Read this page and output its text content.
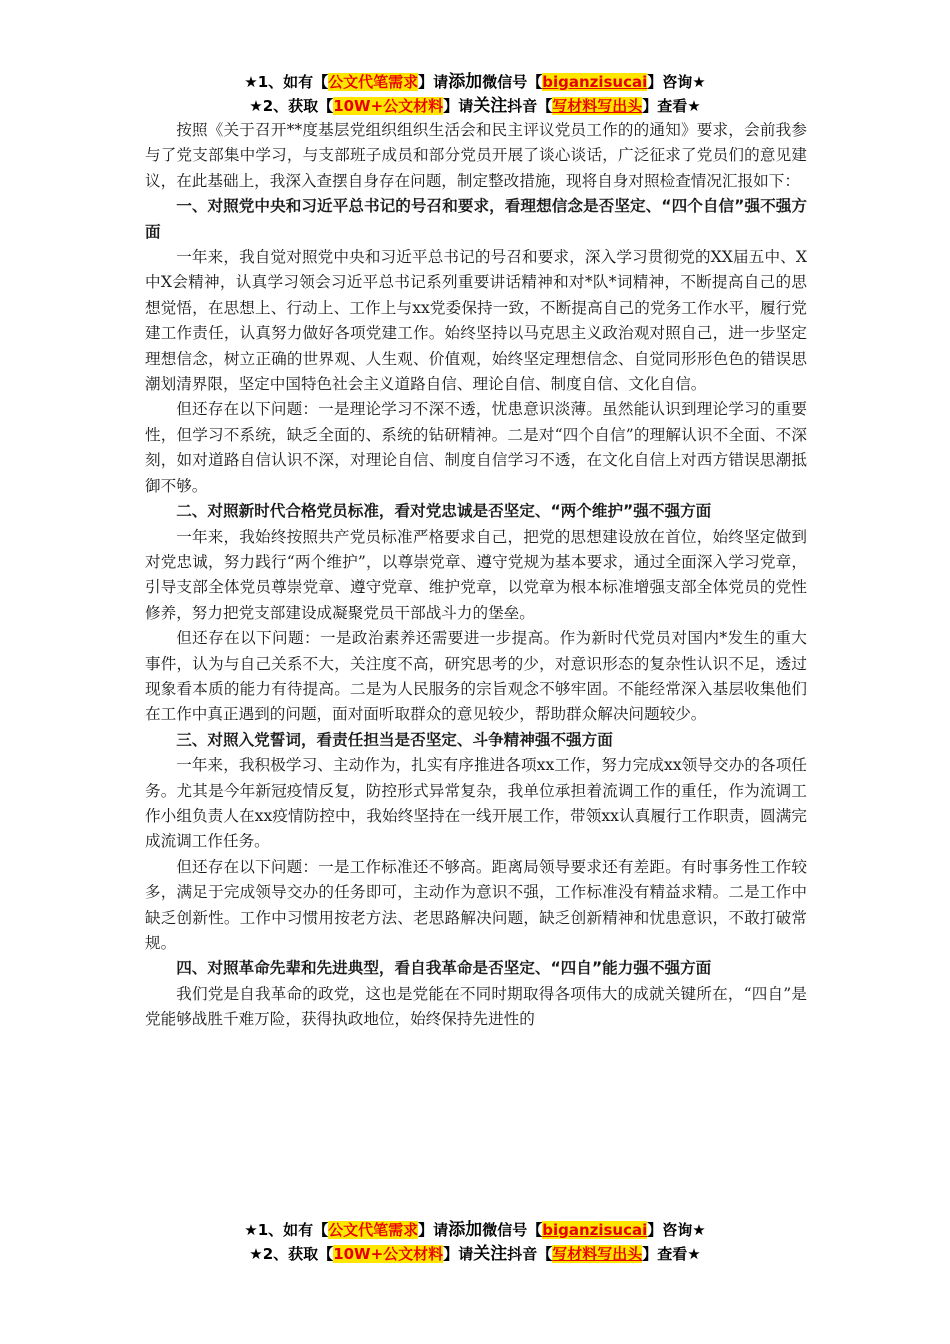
★1、如有【公文代笔需求】请添加微信号【biganzisucai】咨询★
★2、获取【10W+公文材料】请关注抖音【写材料写出头】查看★

按照《关于召开**度基层党组织组织生活会和民主评议党员工作的的通知》要求，会前我参与了党支部集中学习，与支部班子成员和部分党员开展了谈心谈话，广泛征求了党员们的意见建议，在此基础上，我深入查摆自身存在问题，制定整改措施，现将自身对照检查情况汇报如下：

一、对照党中央和习近平总书记的号召和要求，看理想信念是否坚定、“四个自信”强不强方面

一年来，我自觉对照党中央和习近平总书记的号召和要求，深入学习贯彻党的XX届五中、X中X会精神，认真学习领会习近平总书记系列重要讲话精神和对*队*词精神，不断提高自己的思想觉悟，在思想上、行动上、工作上与xx党委保持一致，不断提高自己的党务工作水平，履行党建工作责任，认真努力做好各项党建工作。始终坚持以马克思主义政治观对照自己，进一步坚定理想信念，树立正确的世界观、人生观、价值观，始终坚定理想信念、自觉同形形色色的错误思潮划清界限，坚定中国特色社会主义道路自信、理论自信、制度自信、文化自信。

但还存在以下问题：一是理论学习不深不透，忧患意识淡薄。虽然能认识到理论学习的重要性，但学习不系统，缺乏全面的、系统的钻研精神。二是对“四个自信”的理解认识不全面、不深刻，如对道路自信认识不深，对理论自信、制度自信学习不透，在文化自信上对西方错误思潮抵御不够。

二、对照新时代合格党员标准，看对党忠诚是否坚定、“两个维护”强不强方面

一年来，我始终按照共产党员标准严格要求自己，把党的思想建设放在首位，始终坚定做到对党忠诚，努力践行“两个维护”，以尊崇党章、遵守党规为基本要求，通过全面深入学习党章，引导支部全体党员尊崇党章、遵守党章、维护党章，以党章为根本标准增强支部全体党员的党性修养，努力把党支部建设成凝聚党员干部战斗力的堡垒。

但还存在以下问题：一是政治素养还需要进一步提高。作为新时代党员对国内*发生的重大事件，认为与自己关系不大，关注度不高，研究思考的少，对意识形态的复杂性认识不足，透过现象看本质的能力有待提高。二是为人民服务的宗旨观念不够牢固。不能经常深入基层收集他们在工作中真正遇到的问题，面对面听取群众的意见较少，帮助群众解决问题较少。

三、对照入党誓词，看责任担当是否坚定、斗争精神强不强方面

一年来，我积极学习、主动作为，扎实有序推进各项xx工作，努力完成xx领导交办的各项任务。尤其是今年新冠疫情反复，防控形式异常复杂，我单位承担着流调工作的重任，作为流调工作小组负责人在xx疫情防控中，我始终坚持在一线开展工作，带领xx认真履行工作职责，圆满完成流调工作任务。

但还存在以下问题：一是工作标准还不够高。距离局领导要求还有差距。有时事务性工作较多，满足于完成领导交办的任务即可，主动作为意识不强，工作标准没有精益求精。二是工作中缺乏创新性。工作中习惯用按老方法、老思路解决问题，缺乏创新精神和忧患意识，不敢打破常规。

四、对照革命先辈和先进典型，看自我革命是否坚定、“四自”能力强不强方面

我们党是自我革命的政党，这也是党能在不同时期取得各项伟大的成就关键所在，“四自”是党能够战胜千难万险，获得执政地位，始终保持先进性的

★1、如有【公文代笔需求】请添加微信号【biganzisucai】咨询★
★2、获取【10W+公文材料】请关注抖音【写材料写出头】查看★
